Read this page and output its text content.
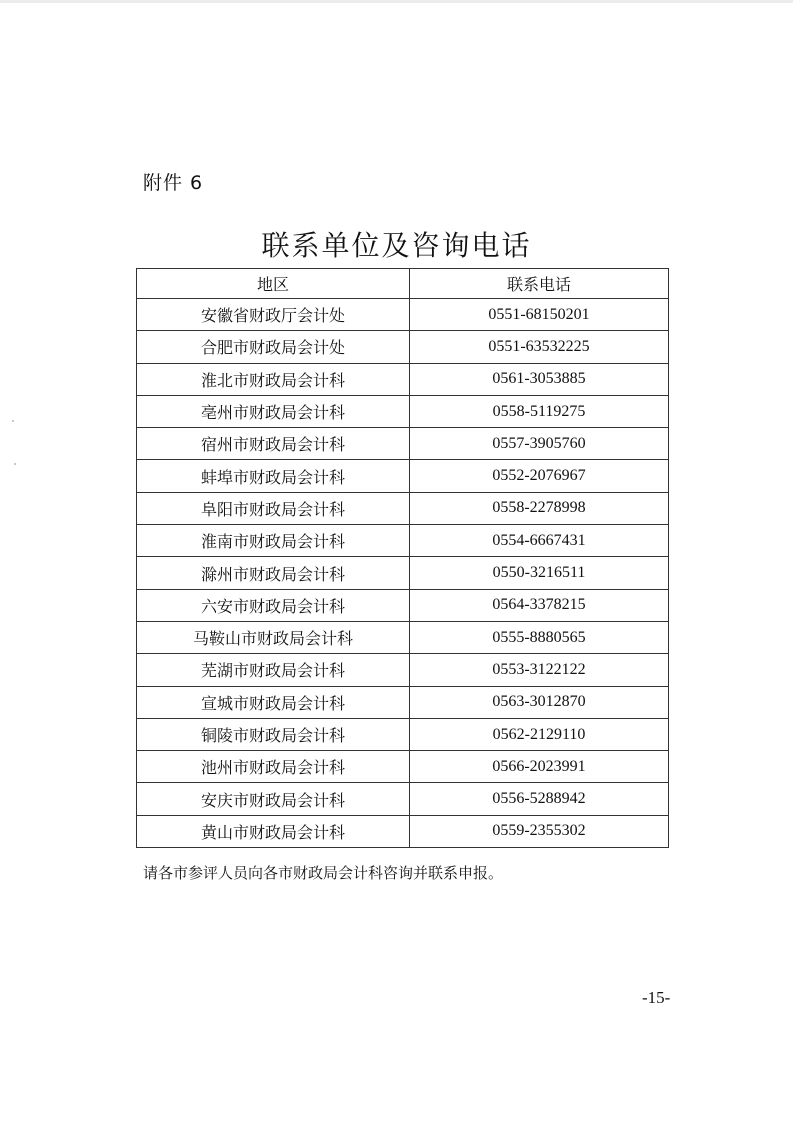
附件 6
联系单位及咨询电话
地区	联系电话
安徽省财政厅会计处	0551-68150201
合肥市财政局会计处	0551-63532225
淮北市财政局会计科	0561-3053885
亳州市财政局会计科	0558-5119275
宿州市财政局会计科	0557-3905760
蚌埠市财政局会计科	0552-2076967
阜阳市财政局会计科	0558-2278998
淮南市财政局会计科	0554-6667431
滁州市财政局会计科	0550-3216511
六安市财政局会计科	0564-3378215
马鞍山市财政局会计科	0555-8880565
芜湖市财政局会计科	0553-3122122
宣城市财政局会计科	0563-3012870
铜陵市财政局会计科	0562-2129110
池州市财政局会计科	0566-2023991
安庆市财政局会计科	0556-5288942
黄山市财政局会计科	0559-2355302
请各市参评人员向各市财政局会计科咨询并联系申报。
-15-
